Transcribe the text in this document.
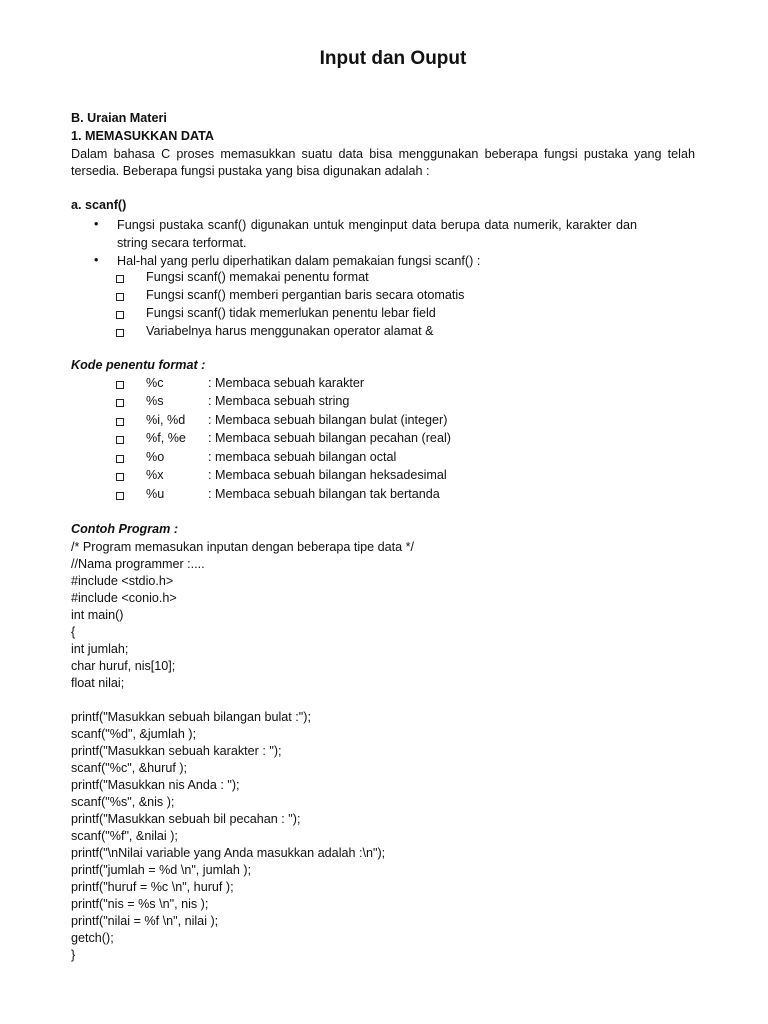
Input dan Ouput
B. Uraian Materi
1. MEMASUKKAN DATA
Dalam bahasa C proses memasukkan suatu data bisa menggunakan beberapa fungsi pustaka yang telah tersedia. Beberapa fungsi pustaka yang bisa digunakan adalah :
a. scanf()
• Fungsi pustaka scanf() digunakan untuk menginput data berupa data numerik, karakter dan string secara terformat.
• Hal-hal yang perlu diperhatikan dalam pemakaian fungsi scanf() :
Fungsi scanf() memakai penentu format
Fungsi scanf() memberi pergantian baris secara otomatis
Fungsi scanf() tidak memerlukan penentu lebar field
Variabelnya harus menggunakan operator alamat &
Kode penentu format :
%c	: Membaca sebuah karakter
%s	: Membaca sebuah string
%i, %d : Membaca sebuah bilangan bulat (integer)
%f, %e : Membaca sebuah bilangan pecahan (real)
%o	: membaca sebuah bilangan octal
%x	: Membaca sebuah bilangan heksadesimal
%u	: Membaca sebuah bilangan tak bertanda
Contoh Program :
/* Program memasukan inputan dengan beberapa tipe data */
//Nama programmer :....
#include <stdio.h>
#include <conio.h>
int main()
{
int jumlah;
char huruf, nis[10];
float nilai;
printf("Masukkan sebuah bilangan bulat :");
scanf("%d", &jumlah );
printf("Masukkan sebuah karakter : ");
scanf("%c", &huruf );
printf("Masukkan nis Anda : ");
scanf("%s", &nis );
printf("Masukkan sebuah bil pecahan : ");
scanf("%f", &nilai );
printf("\nNilai variable yang Anda masukkan adalah :\n");
printf("jumlah = %d \n", jumlah );
printf("huruf = %c \n", huruf );
printf("nis = %s \n", nis );
printf("nilai = %f \n", nilai );
getch();
}
